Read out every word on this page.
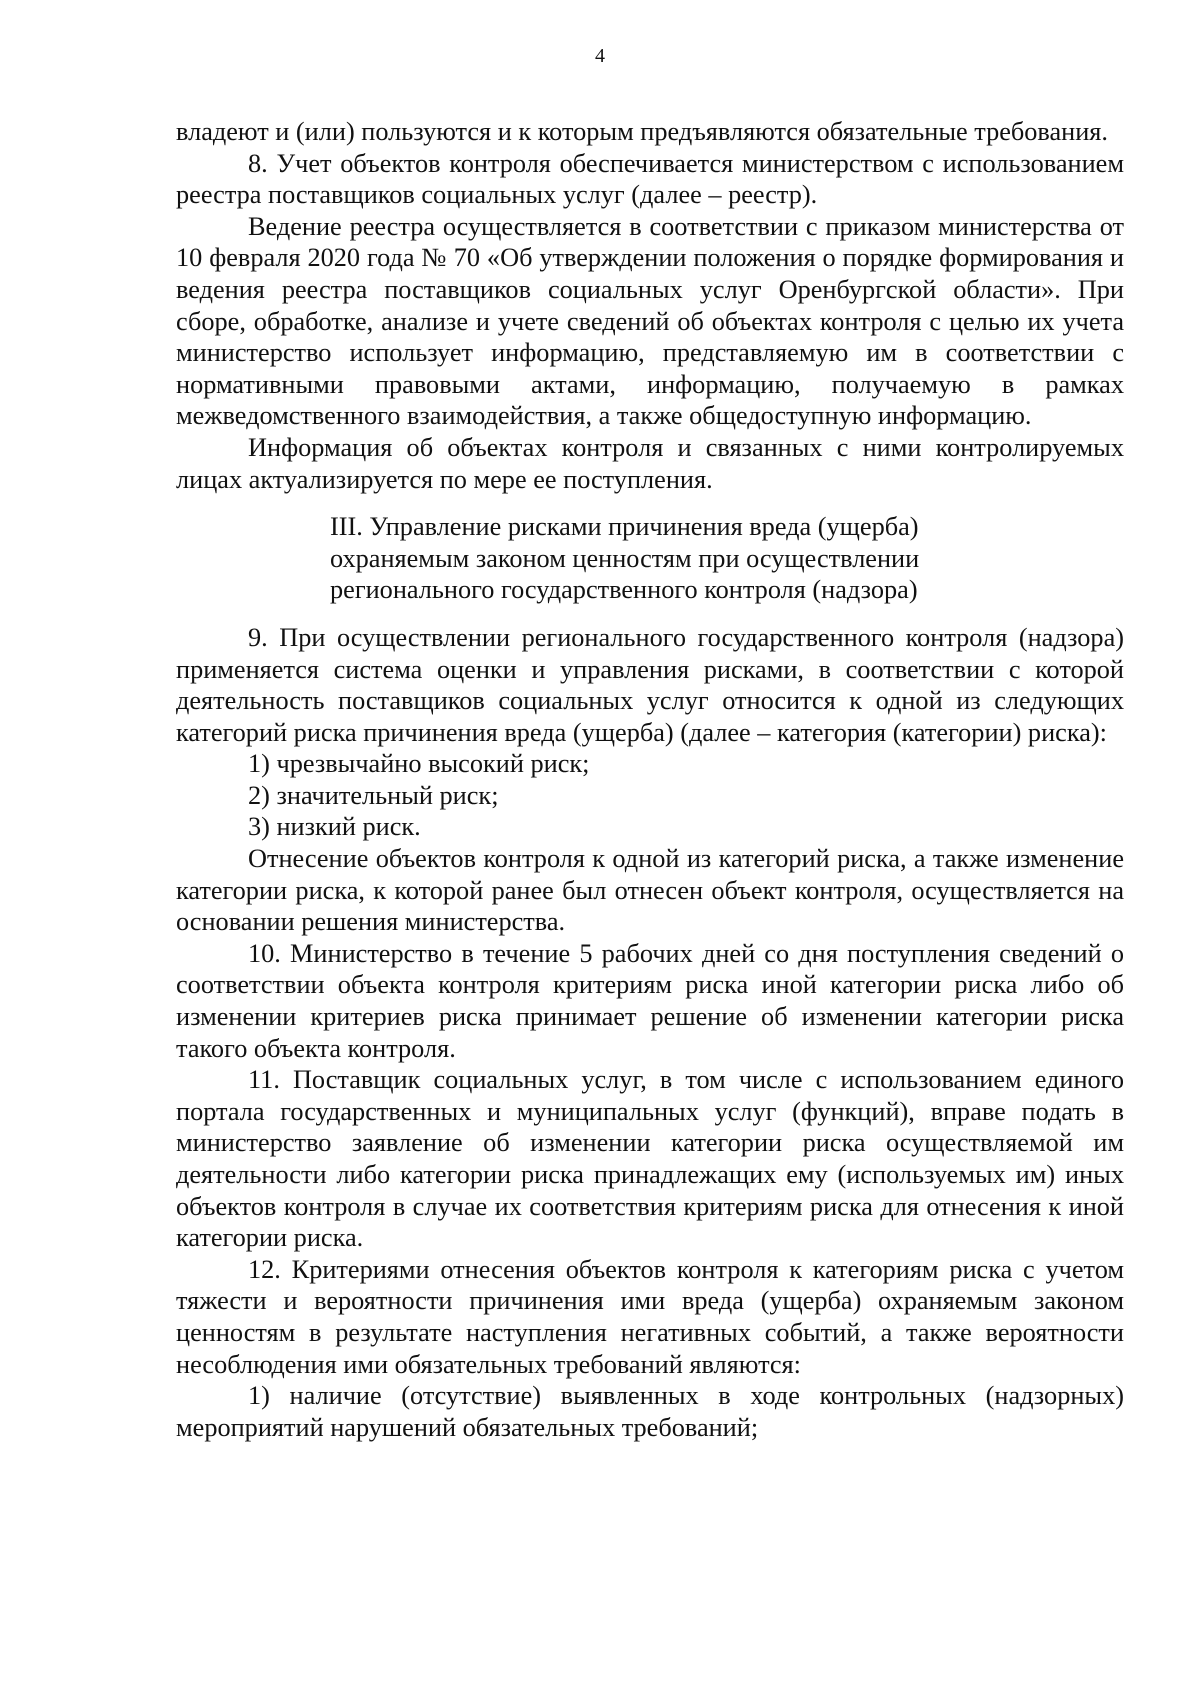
4

владеют и (или) пользуются и к которым предъявляются обязательные требования.

8. Учет объектов контроля обеспечивается министерством с использованием реестра поставщиков социальных услуг (далее – реестр).

Ведение реестра осуществляется в соответствии с приказом министерства от 10 февраля 2020 года № 70 «Об утверждении положения о порядке формирования и ведения реестра поставщиков социальных услуг Оренбургской области». При сборе, обработке, анализе и учете сведений об объектах контроля с целью их учета министерство использует информацию, представляемую им в соответствии с нормативными правовыми актами, информацию, получаемую в рамках межведомственного взаимодействия, а также общедоступную информацию.

Информация об объектах контроля и связанных с ними контролируемых лицах актуализируется по мере ее поступления.

III. Управление рисками причинения вреда (ущерба)
охраняемым законом ценностям при осуществлении
регионального государственного контроля (надзора)

9. При осуществлении регионального государственного контроля (надзора) применяется система оценки и управления рисками, в соответствии с которой деятельность поставщиков социальных услуг относится к одной из следующих категорий риска причинения вреда (ущерба) (далее – категория (категории) риска):

1) чрезвычайно высокий риск;

2) значительный риск;

3) низкий риск.

Отнесение объектов контроля к одной из категорий риска, а также изменение категории риска, к которой ранее был отнесен объект контроля, осуществляется на основании решения министерства.

10. Министерство в течение 5 рабочих дней со дня поступления сведений о соответствии объекта контроля критериям риска иной категории риска либо об изменении критериев риска принимает решение об изменении категории риска такого объекта контроля.

11. Поставщик социальных услуг, в том числе с использованием единого портала государственных и муниципальных услуг (функций), вправе подать в министерство заявление об изменении категории риска осуществляемой им деятельности либо категории риска принадлежащих ему (используемых им) иных объектов контроля в случае их соответствия критериям риска для отнесения к иной категории риска.

12. Критериями отнесения объектов контроля к категориям риска с учетом тяжести и вероятности причинения ими вреда (ущерба) охраняемым законом ценностям в результате наступления негативных событий, а также вероятности несоблюдения ими обязательных требований являются:

1) наличие (отсутствие) выявленных в ходе контрольных (надзорных) мероприятий нарушений обязательных требований;
